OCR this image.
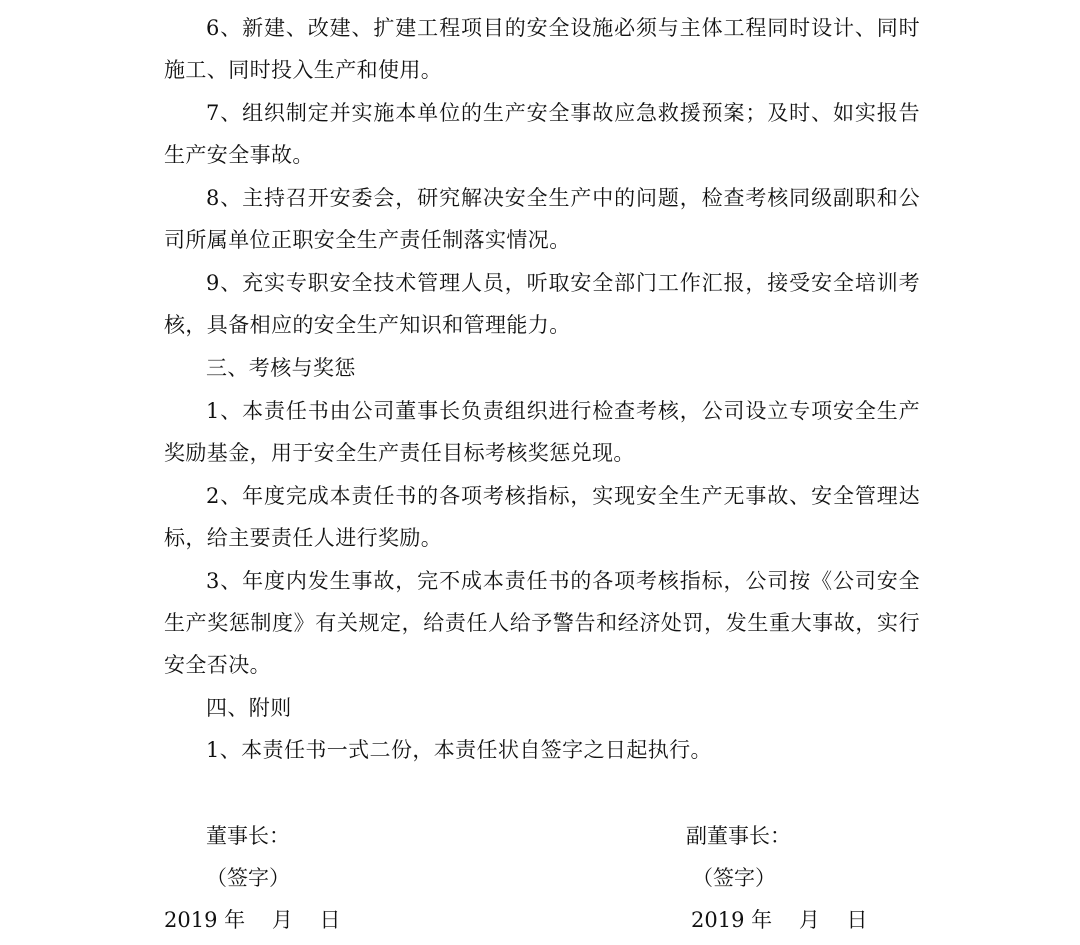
6、新建、改建、扩建工程项目的安全设施必须与主体工程同时设计、同时施工、同时投入生产和使用。

7、组织制定并实施本单位的生产安全事故应急救援预案；及时、如实报告生产安全事故。

8、主持召开安委会，研究解决安全生产中的问题，检查考核同级副职和公司所属单位正职安全生产责任制落实情况。

9、充实专职安全技术管理人员，听取安全部门工作汇报，接受安全培训考核，具备相应的安全生产知识和管理能力。

三、考核与奖惩

1、本责任书由公司董事长负责组织进行检查考核，公司设立专项安全生产奖励基金，用于安全生产责任目标考核奖惩兑现。

2、年度完成本责任书的各项考核指标，实现安全生产无事故、安全管理达标，给主要责任人进行奖励。

3、年度内发生事故，完不成本责任书的各项考核指标，公司按《公司安全生产奖惩制度》有关规定，给责任人给予警告和经济处罚，发生重大事故，实行安全否决。

四、附则

1、本责任书一式二份，本责任状自签字之日起执行。

董事长：

（签字）

2019 年    月    日

副董事长：

（签字）

2019 年    月    日
